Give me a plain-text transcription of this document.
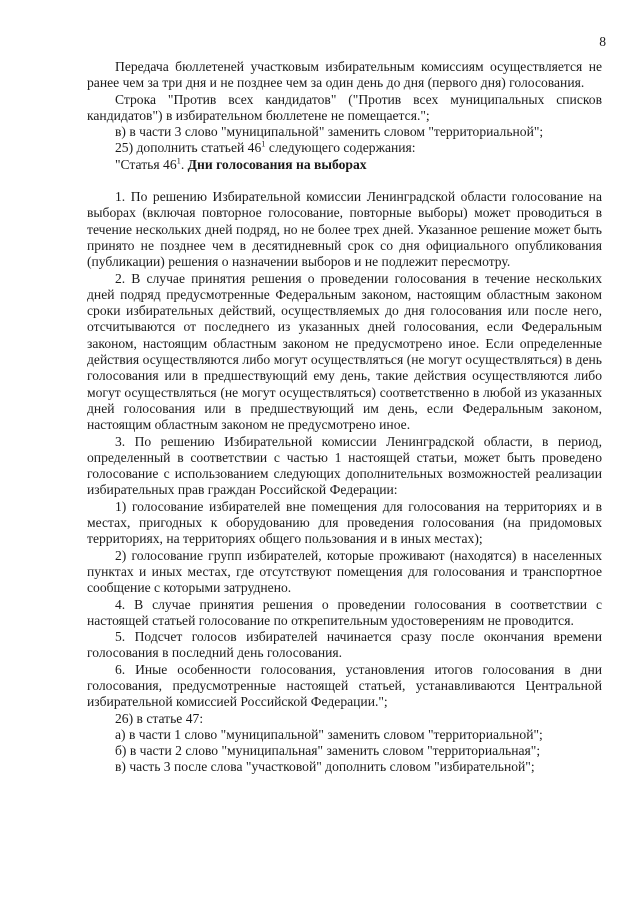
8

Передача бюллетеней участковым избирательным комиссиям осуществляется не ранее чем за три дня и не позднее чем за один день до дня (первого дня) голосования.

Строка "Против всех кандидатов" ("Против всех муниципальных списков кандидатов") в избирательном бюллетене не помещается.";

в) в части 3 слово "муниципальной" заменить словом "территориальной";

25) дополнить статьей $46^1$ следующего содержания:

"Статья $46^1$. Дни голосования на выборах

1. По решению Избирательной комиссии Ленинградской области голосование на выборах (включая повторное голосование, повторные выборы) может проводиться в течение нескольких дней подряд, но не более трех дней. Указанное решение может быть принято не позднее чем в десятидневный срок со дня официального опубликования (публикации) решения о назначении выборов и не подлежит пересмотру.

2. В случае принятия решения о проведении голосования в течение нескольких дней подряд предусмотренные Федеральным законом, настоящим областным законом сроки избирательных действий, осуществляемых до дня голосования или после него, отсчитываются от последнего из указанных дней голосования, если Федеральным законом, настоящим областным законом не предусмотрено иное. Если определенные действия осуществляются либо могут осуществляться (не могут осуществляться) в день голосования или в предшествующий ему день, такие действия осуществляются либо могут осуществляться (не могут осуществляться) соответственно в любой из указанных дней голосования или в предшествующий им день, если Федеральным законом, настоящим областным законом не предусмотрено иное.

3. По решению Избирательной комиссии Ленинградской области, в период, определенный в соответствии с частью 1 настоящей статьи, может быть проведено голосование с использованием следующих дополнительных возможностей реализации избирательных прав граждан Российской Федерации:

1) голосование избирателей вне помещения для голосования на территориях и в местах, пригодных к оборудованию для проведения голосования (на придомовых территориях, на территориях общего пользования и в иных местах);

2) голосование групп избирателей, которые проживают (находятся) в населенных пунктах и иных местах, где отсутствуют помещения для голосования и транспортное сообщение с которыми затруднено.

4. В случае принятия решения о проведении голосования в соответствии с настоящей статьей голосование по открепительным удостоверениям не проводится.

5. Подсчет голосов избирателей начинается сразу после окончания времени голосования в последний день голосования.

6. Иные особенности голосования, установления итогов голосования в дни голосования, предусмотренные настоящей статьей, устанавливаются Центральной избирательной комиссией Российской Федерации.";

26) в статье 47:

а) в части 1 слово "муниципальной" заменить словом "территориальной";

б) в части 2 слово "муниципальная" заменить словом "территориальная";

в) часть 3 после слова "участковой" дополнить словом "избирательной";
